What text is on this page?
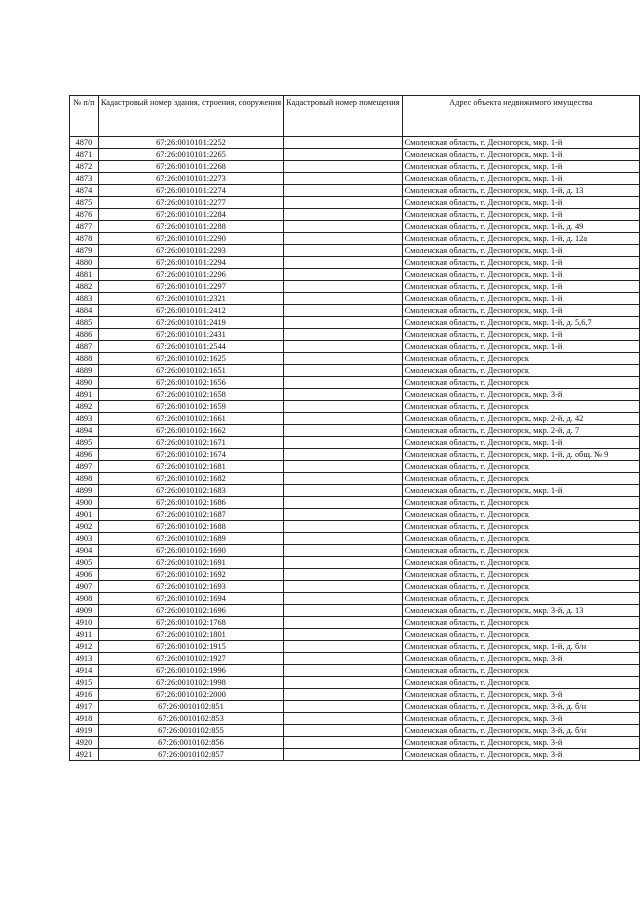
№ п/п	Кадастровый номер здания, строения, сооружения	Кадастровый номер помещения	Адрес объекта недвижимого имущества
4870	67:26:0010101:2252		Смоленская область, г. Десногорск, мкр. 1-й
4871	67:26:0010101:2265		Смоленская область, г. Десногорск, мкр. 1-й
4872	67:26:0010101:2268		Смоленская область, г. Десногорск, мкр. 1-й
4873	67:26:0010101:2273		Смоленская область, г. Десногорск, мкр. 1-й
4874	67:26:0010101:2274		Смоленская область, г. Десногорск, мкр. 1-й, д. 13
4875	67:26:0010101:2277		Смоленская область, г. Десногорск, мкр. 1-й
4876	67:26:0010101:2284		Смоленская область, г. Десногорск, мкр. 1-й
4877	67:26:0010101:2288		Смоленская область, г. Десногорск, мкр. 1-й, д. 49
4878	67:26:0010101:2290		Смоленская область, г. Десногорск, мкр. 1-й, д. 12а
4879	67:26:0010101:2293		Смоленская область, г. Десногорск, мкр. 1-й
4880	67:26:0010101:2294		Смоленская область, г. Десногорск, мкр. 1-й
4881	67:26:0010101:2296		Смоленская область, г. Десногорск, мкр. 1-й
4882	67:26:0010101:2297		Смоленская область, г. Десногорск, мкр. 1-й
4883	67:26:0010101:2321		Смоленская область, г. Десногорск, мкр. 1-й
4884	67:26:0010101:2412		Смоленская область, г. Десногорск, мкр. 1-й
4885	67:26:0010101:2419		Смоленская область, г. Десногорск, мкр. 1-й, д. 5,6,7
4886	67:26:0010101:2431		Смоленская область, г. Десногорск, мкр. 1-й
4887	67:26:0010101:2544		Смоленская область, г. Десногорск, мкр. 1-й
4888	67:26:0010102:1625		Смоленская область, г. Десногорск
4889	67:26:0010102:1651		Смоленская область, г. Десногорск
4890	67:26:0010102:1656		Смоленская область, г. Десногорск
4891	67:26:0010102:1658		Смоленская область, г. Десногорск, мкр. 3-й
4892	67:26:0010102:1659		Смоленская область, г. Десногорск
4893	67:26:0010102:1661		Смоленская область, г. Десногорск, мкр. 2-й, д. 42
4894	67:26:0010102:1662		Смоленская область, г. Десногорск, мкр. 2-й, д. 7
4895	67:26:0010102:1671		Смоленская область, г. Десногорск, мкр. 1-й
4896	67:26:0010102:1674		Смоленская область, г. Десногорск, мкр. 1-й, д. общ. № 9
4897	67:26:0010102:1681		Смоленская область, г. Десногорск
4898	67:26:0010102:1682		Смоленская область, г. Десногорск
4899	67:26:0010102:1683		Смоленская область, г. Десногорск, мкр. 1-й
4900	67:26:0010102:1686		Смоленская область, г. Десногорск
4901	67:26:0010102:1687		Смоленская область, г. Десногорск
4902	67:26:0010102:1688		Смоленская область, г. Десногорск
4903	67:26:0010102:1689		Смоленская область, г. Десногорск
4904	67:26:0010102:1690		Смоленская область, г. Десногорск
4905	67:26:0010102:1691		Смоленская область, г. Десногорск
4906	67:26:0010102:1692		Смоленская область, г. Десногорск
4907	67:26:0010102:1693		Смоленская область, г. Десногорск
4908	67:26:0010102:1694		Смоленская область, г. Десногорск
4909	67:26:0010102:1696		Смоленская область, г. Десногорск, мкр. 3-й, д. 13
4910	67:26:0010102:1768		Смоленская область, г. Десногорск
4911	67:26:0010102:1801		Смоленская область, г. Десногорск
4912	67:26:0010102:1915		Смоленская область, г. Десногорск, мкр. 1-й, д. б/н
4913	67:26:0010102:1927		Смоленская область, г. Десногорск, мкр. 3-й
4914	67:26:0010102:1996		Смоленская область, г. Десногорск
4915	67:26:0010102:1998		Смоленская область, г. Десногорск
4916	67:26:0010102:2000		Смоленская область, г. Десногорск, мкр. 3-й
4917	67:26:0010102:851		Смоленская область, г. Десногорск, мкр. 3-й, д. б/н
4918	67:26:0010102:853		Смоленская область, г. Десногорск, мкр. 3-й
4919	67:26:0010102:855		Смоленская область, г. Десногорск, мкр. 3-й, д. б/н
4920	67:26:0010102:856		Смоленская область, г. Десногорск, мкр. 3-й
4921	67:26:0010102:857		Смоленская область, г. Десногорск, мкр. 3-й
